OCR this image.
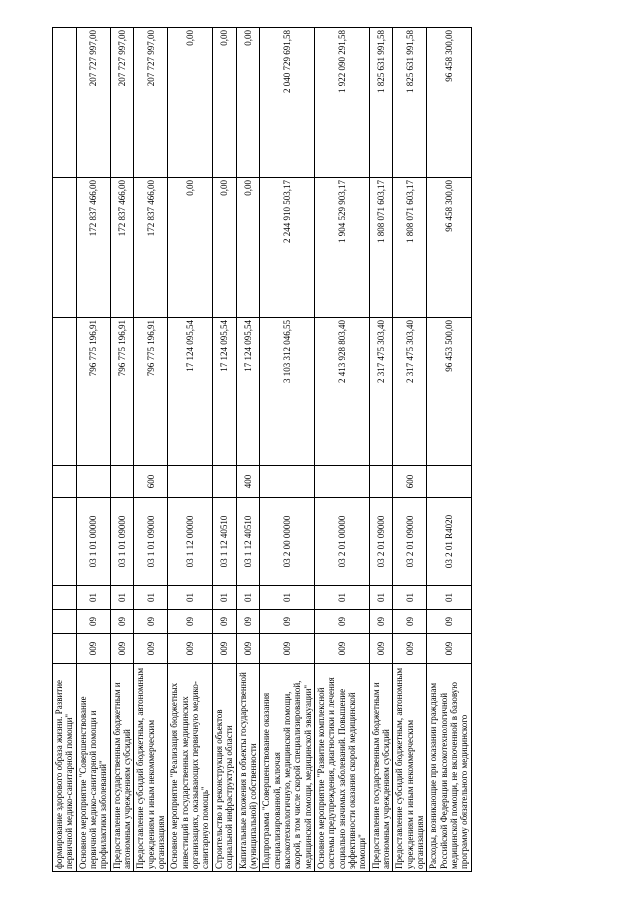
формирование здорового образа жизни. Развитие первичной медико-санитарной помощи"								
Основное мероприятие "Совершенствование первичной медико-санитарной помощи и профилактики заболеваний"	009	09	01	03 1 01 00000		796 775 196,91	172 837 466,00	207 727 997,00
Предоставление государственным бюджетным и автономным учреждениям субсидий	009	09	01	03 1 01 09000		796 775 196,91	172 837 466,00	207 727 997,00
Предоставление субсидий бюджетным, автономным учреждениям и иным некоммерческим организациям	009	09	01	03 1 01 09000	600	796 775 196,91	172 837 466,00	207 727 997,00
Основное мероприятие "Реализация бюджетных инвестиций в государственных медицинских организациях, оказывающих первичную медико-санитарную помощь"	009	09	01	03 1 12 00000		17 124 095,54	0,00	0,00
Строительство и реконструкция объектов социальной инфраструктуры области	009	09	01	03 1 12 40510		17 124 095,54	0,00	0,00
Капитальные вложения в объекты государственной (муниципальной) собственности	009	09	01	03 1 12 40510	400	17 124 095,54	0,00	0,00
Подпрограмма "Совершенствование оказания специализированной, включая высокотехнологичную, медицинской помощи, скорой, в том числе скорой специализированной, медицинской помощи, медицинской эвакуации"	009	09	01	03 2 00 00000		3 103 312 046,55	2 244 910 503,17	2 040 729 691,58
Основное мероприятие "Развитие комплексной системы предупреждения, диагностики и лечения социально значимых заболеваний. Повышение эффективности оказания скорой медицинской помощи"	009	09	01	03 2 01 00000		2 413 928 803,40	1 904 529 903,17	1 922 090 291,58
Предоставление государственным бюджетным и автономным учреждениям субсидий	009	09	01	03 2 01 09000		2 317 475 303,40	1 808 071 603,17	1 825 631 991,58
Предоставление субсидий бюджетным, автономным учреждениям и иным некоммерческим организациям	009	09	01	03 2 01 09000	600	2 317 475 303,40	1 808 071 603,17	1 825 631 991,58
Расходы, возникающие при оказании гражданам Российской Федерации высокотехнологичной медицинской помощи, не включенной в базовую программу обязательного медицинского	009	09	01	03 2 01 R4020		96 453 500,00	96 458 300,00	96 458 300,00
